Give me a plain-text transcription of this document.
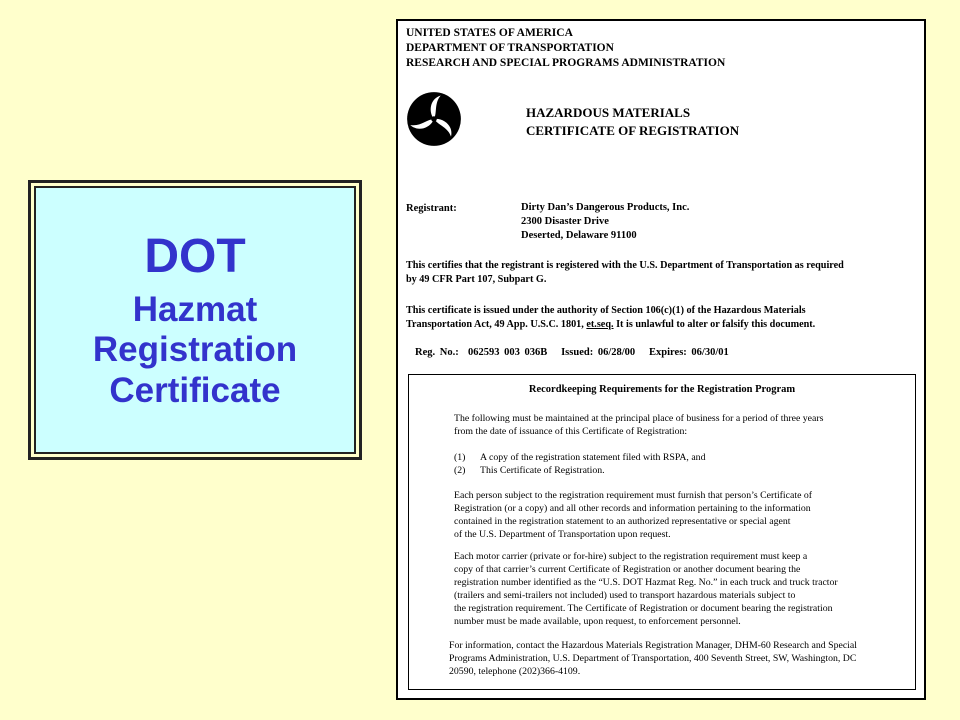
DOT
Hazmat
Registration
Certificate
UNITED STATES OF AMERICA
DEPARTMENT OF TRANSPORTATION
RESEARCH AND SPECIAL PROGRAMS ADMINISTRATION
HAZARDOUS MATERIALS
CERTIFICATE OF REGISTRATION
Registrant:	Dirty Dan’s Dangerous Products, Inc.
2300 Disaster Drive
Deserted, Delaware 91100
This certifies that the registrant is registered with the U.S. Department of Transportation as required
by 49 CFR Part 107, Subpart G.
This certificate is issued under the authority of Section 106(c)(1) of the Hazardous Materials
Transportation Act, 49 App. U.S.C. 1801, et.seq. It is unlawful to alter or falsify this document.
Reg. No.: 062593 003 036B Issued: 06/28/00 Expires: 06/30/01
Recordkeeping Requirements for the Registration Program
The following must be maintained at the principal place of business for a period of three years
from the date of issuance of this Certificate of Registration:
(1) A copy of the registration statement filed with RSPA, and
(2) This Certificate of Registration.
Each person subject to the registration requirement must furnish that person’s Certificate of
Registration (or a copy) and all other records and information pertaining to the information
contained in the registration statement to an authorized representative or special agent
of the U.S. Department of Transportation upon request.
Each motor carrier (private or for-hire) subject to the registration requirement must keep a
copy of that carrier’s current Certificate of Registration or another document bearing the
registration number identified as the “U.S. DOT Hazmat Reg. No.” in each truck and truck tractor
(trailers and semi-trailers not included) used to transport hazardous materials subject to
the registration requirement. The Certificate of Registration or document bearing the registration
number must be made available, upon request, to enforcement personnel.
For information, contact the Hazardous Materials Registration Manager, DHM-60 Research and Special
Programs Administration, U.S. Department of Transportation, 400 Seventh Street, SW, Washington, DC
20590, telephone (202)366-4109.
